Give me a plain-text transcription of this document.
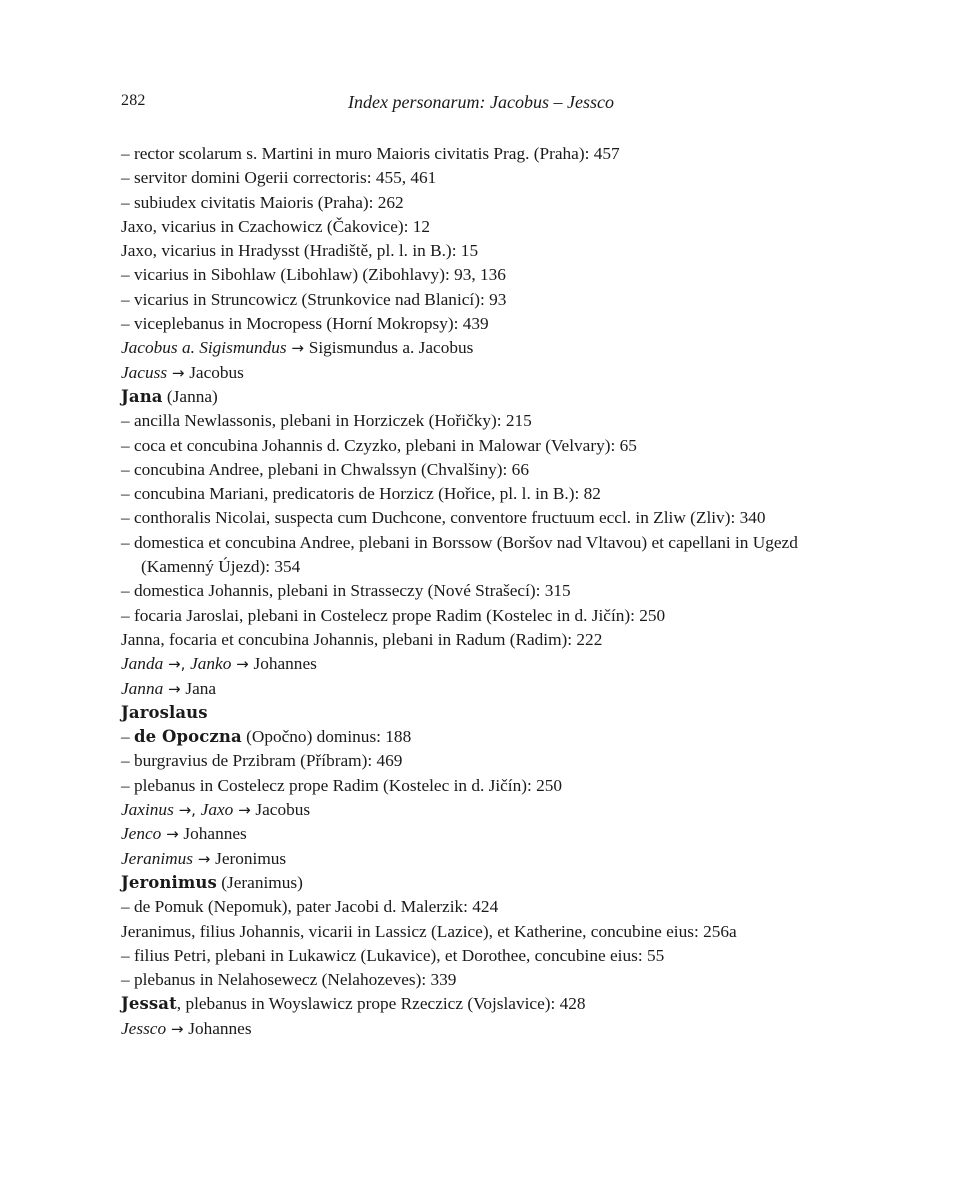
282	Index personarum: Jacobus – Jessco
– rector scolarum s. Martini in muro Maioris civitatis Prag. (Praha): 457
– servitor domini Ogerii correctoris: 455, 461
– subiudex civitatis Maioris (Praha): 262
Jaxo, vicarius in Czachowicz (Čakovice): 12
Jaxo, vicarius in Hradysst (Hradiště, pl. l. in B.): 15
– vicarius in Sibohlaw (Libohlaw) (Zibohlavy): 93, 136
– vicarius in Struncowicz (Strunkovice nad Blanicí): 93
– viceplebanus in Mocropess (Horní Mokropsy): 439
Jacobus a. Sigismundus → Sigismundus a. Jacobus
Jacuss → Jacobus
Jana (Janna)
– ancilla Newlassonis, plebani in Horziczek (Hořičky): 215
– coca et concubina Johannis d. Czyzko, plebani in Malowar (Velvary): 65
– concubina Andree, plebani in Chwalssyn (Chvalšiny): 66
– concubina Mariani, predicatoris de Horzicz (Hořice, pl. l. in B.): 82
– conthoralis Nicolai, suspecta cum Duchcone, conventore fructuum eccl. in Zliw (Zliv): 340
– domestica et concubina Andree, plebani in Borssow (Boršov nad Vltavou) et capellani in Ugezd (Kamenný Újezd): 354
– domestica Johannis, plebani in Strasseczy (Nové Strašecí): 315
– focaria Jaroslai, plebani in Costelecz prope Radim (Kostelec in d. Jičín): 250
Janna, focaria et concubina Johannis, plebani in Radum (Radim): 222
Janda →, Janko → Johannes
Janna → Jana
Jaroslaus
– de Opoczna (Opočno) dominus: 188
– burgravius de Przibram (Příbram): 469
– plebanus in Costelecz prope Radim (Kostelec in d. Jičín): 250
Jaxinus →, Jaxo → Jacobus
Jenco → Johannes
Jeranimus → Jeronimus
Jeronimus (Jeranimus)
– de Pomuk (Nepomuk), pater Jacobi d. Malerzik: 424
Jeranimus, filius Johannis, vicarii in Lassicz (Lazice), et Katherine, concubine eius: 256a
– filius Petri, plebani in Lukawicz (Lukavice), et Dorothee, concubine eius: 55
– plebanus in Nelahosewecz (Nelahozeves): 339
Jessat, plebanus in Woyslawicz prope Rzeczicz (Vojslavice): 428
Jessco → Johannes
